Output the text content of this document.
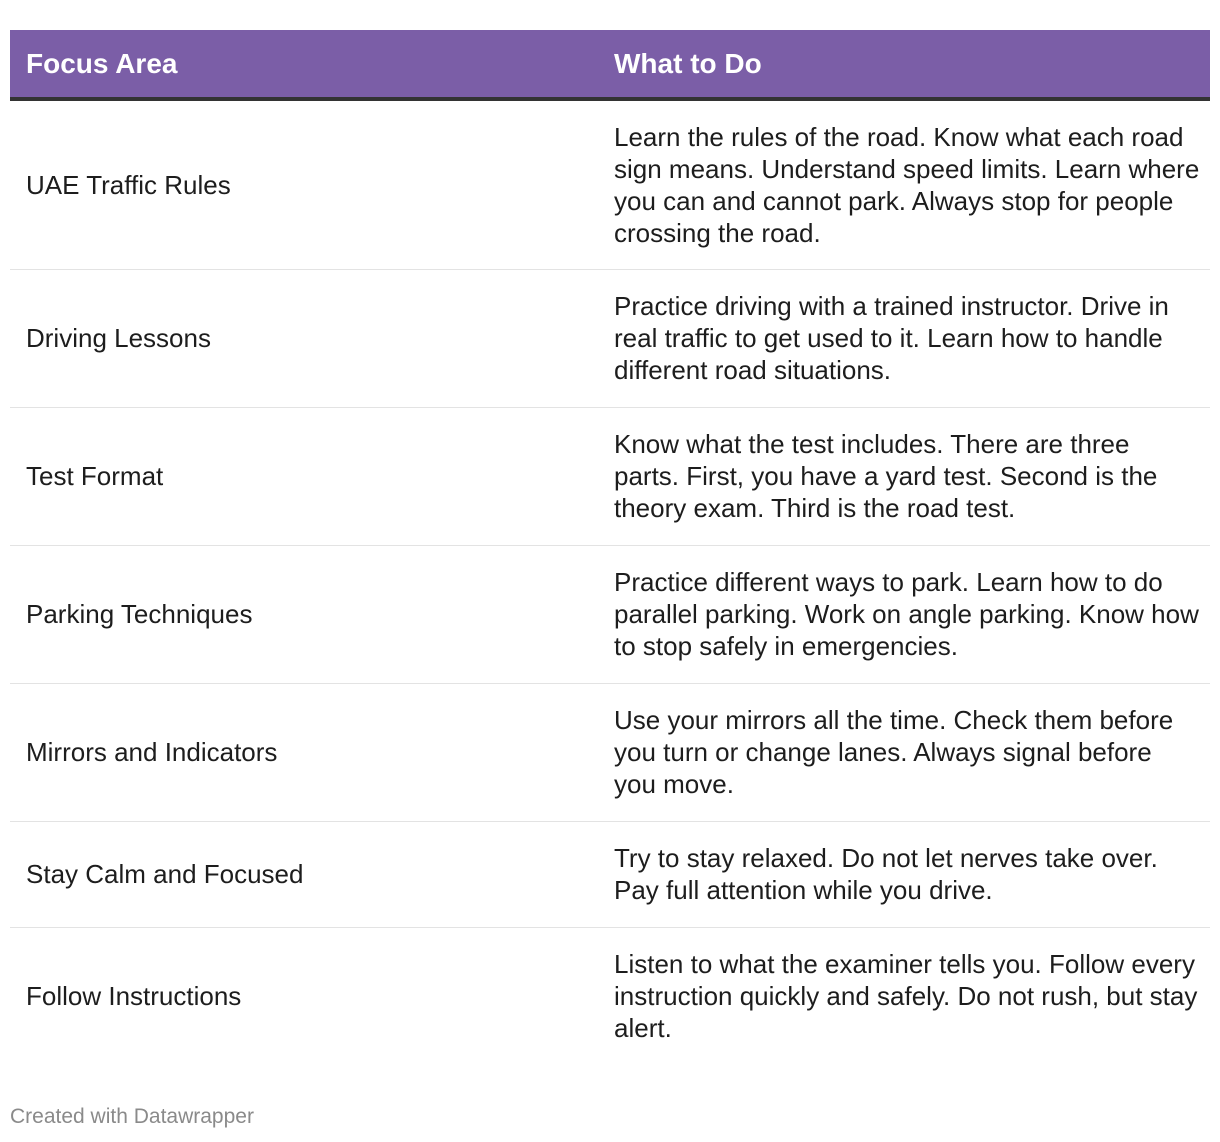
Focus Area	What to Do
UAE Traffic Rules	Learn the rules of the road. Know what each road sign means. Understand speed limits. Learn where you can and cannot park. Always stop for people crossing the road.
Driving Lessons	Practice driving with a trained instructor. Drive in real traffic to get used to it. Learn how to handle different road situations.
Test Format	Know what the test includes. There are three parts. First, you have a yard test. Second is the theory exam. Third is the road test.
Parking Techniques	Practice different ways to park. Learn how to do parallel parking. Work on angle parking. Know how to stop safely in emergencies.
Mirrors and Indicators	Use your mirrors all the time. Check them before you turn or change lanes. Always signal before you move.
Stay Calm and Focused	Try to stay relaxed. Do not let nerves take over. Pay full attention while you drive.
Follow Instructions	Listen to what the examiner tells you. Follow every instruction quickly and safely. Do not rush, but stay alert.
Created with Datawrapper
